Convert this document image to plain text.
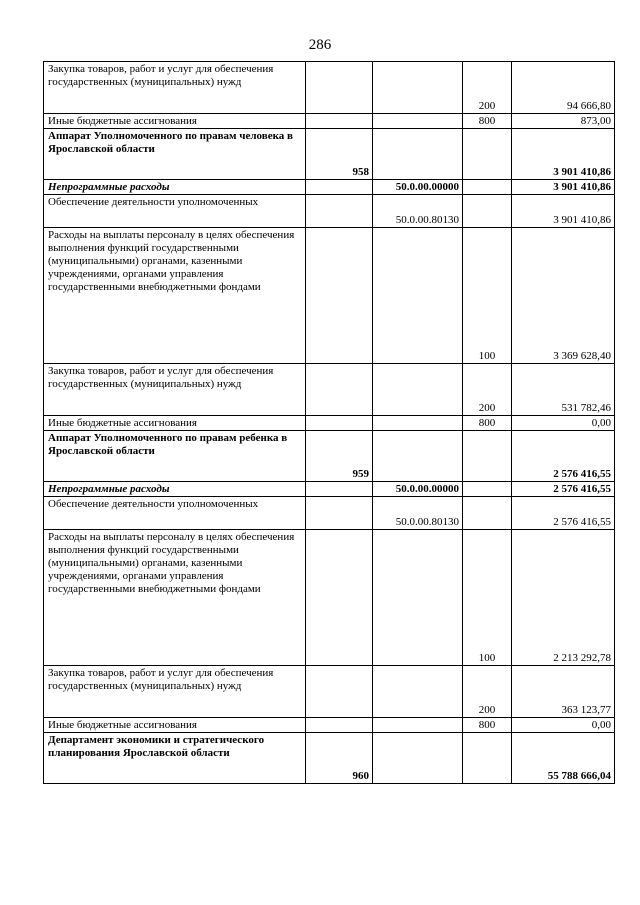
286
Закупка товаров, работ и услуг для обеспечения государственных (муниципальных) нужд			200	94 666,80
Иные бюджетные ассигнования			800	873,00
Аппарат Уполномоченного по правам человека в Ярославской области	958			3 901 410,86
Непрограммные расходы		50.0.00.00000		3 901 410,86
Обеспечение деятельности уполномоченных		50.0.00.80130		3 901 410,86
Расходы на выплаты персоналу в целях обеспечения выполнения функций государственными (муниципальными) органами, казенными учреждениями, органами управления государственными внебюджетными фондами			100	3 369 628,40
Закупка товаров, работ и услуг для обеспечения государственных (муниципальных) нужд			200	531 782,46
Иные бюджетные ассигнования			800	0,00
Аппарат Уполномоченного по правам ребенка в Ярославской области	959			2 576 416,55
Непрограммные расходы		50.0.00.00000		2 576 416,55
Обеспечение деятельности уполномоченных		50.0.00.80130		2 576 416,55
Расходы на выплаты персоналу в целях обеспечения выполнения функций государственными (муниципальными) органами, казенными учреждениями, органами управления государственными внебюджетными фондами			100	2 213 292,78
Закупка товаров, работ и услуг для обеспечения государственных (муниципальных) нужд			200	363 123,77
Иные бюджетные ассигнования			800	0,00
Департамент экономики и стратегического планирования Ярославской области	960			55 788 666,04
